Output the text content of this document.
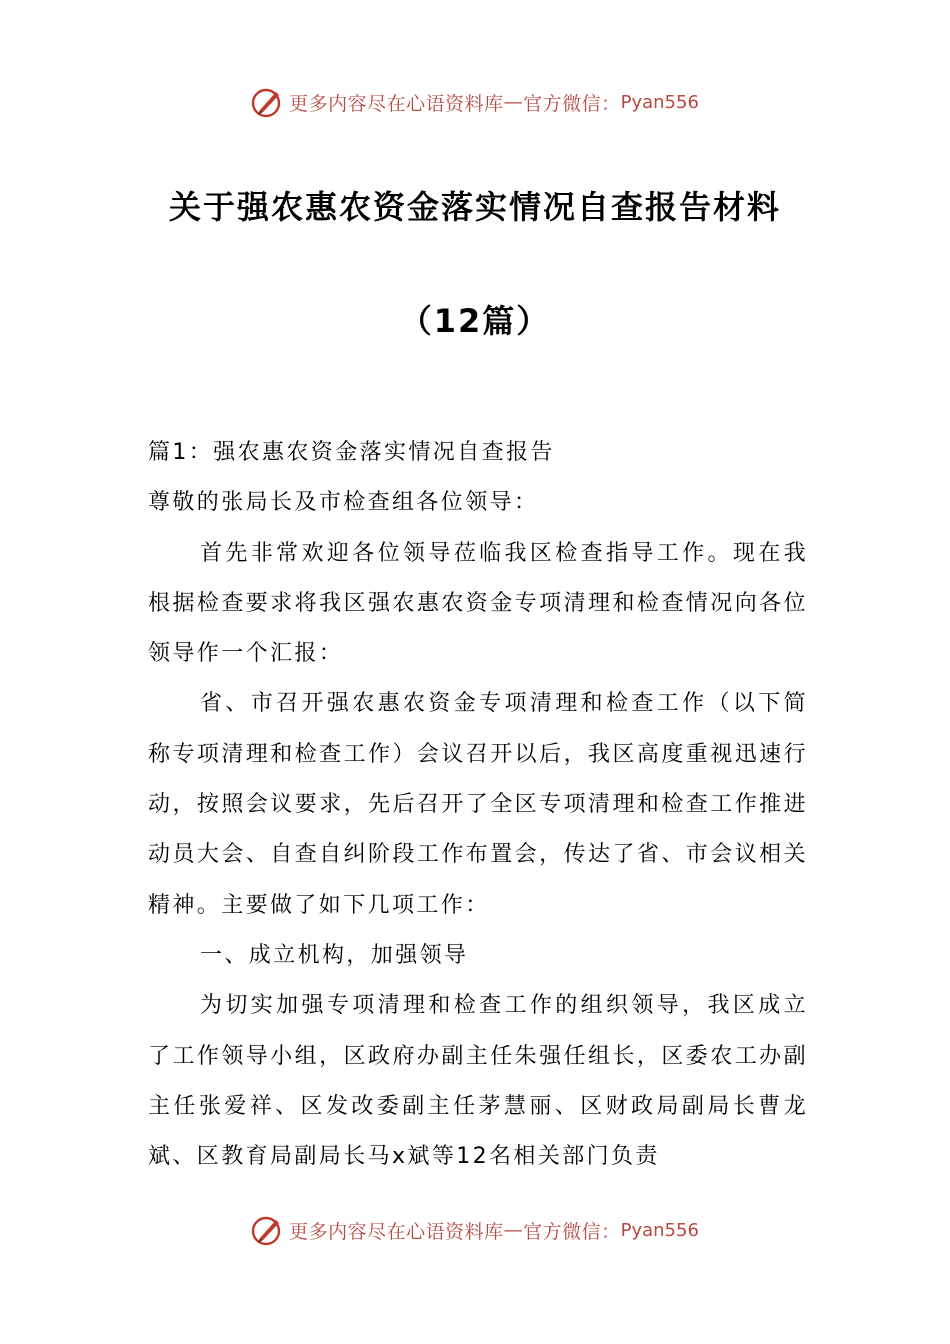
更多内容尽在心语资料库 — 官方微信： Pyan556
关于强农惠农资金落实情况自查报告材料
（12篇）

篇1：强农惠农资金落实情况自查报告

尊敬的张局长及市检查组各位领导：

首先非常欢迎各位领导莅临我区检查指导工作。现在我根据检查要求将我区强农惠农资金专项清理和检查情况向各位领导作一个汇报：

省、市召开强农惠农资金专项清理和检查工作（以下简称专项清理和检查工作）会议召开以后，我区高度重视迅速行动，按照会议要求，先后召开了全区专项清理和检查工作推进动员大会、自查自纠阶段工作布置会，传达了省、市会议相关精神。主要做了如下几项工作：

一、成立机构，加强领导

为切实加强专项清理和检查工作的组织领导，我区成立了工作领导小组，区政府办副主任朱强任组长，区委农工办副主任张爱祥、区发改委副主任茅慧丽、区财政局副局长曹龙斌、区教育局副局长马x斌等12名相关部门负责

更多内容尽在心语资料库 — 官方微信： Pyan556
